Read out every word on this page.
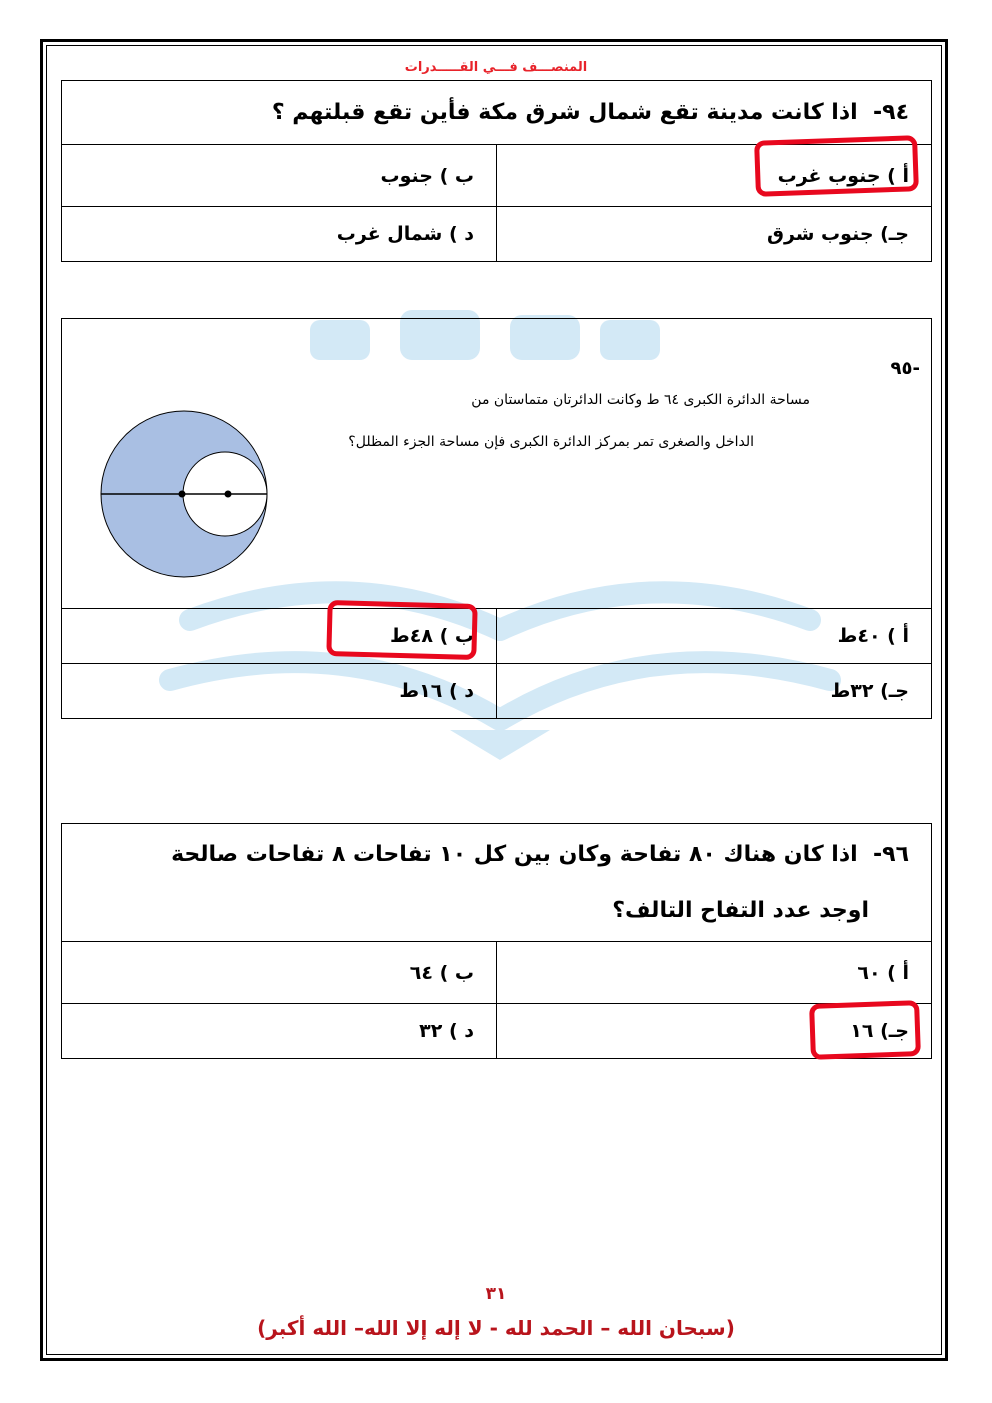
المنصـــف فـــي القـــــدرات
٩٤-  اذا كانت مدينة تقع شمال شرق مكة فأين تقع قبلتهم ؟	
أ ) جنوب غرب	ب ) جنوب
جـ) جنوب شرق	د ) شمال غرب

أ ) ٤٠ط	ب ) ٤٨ط
جـ) ٣٢ط	د ) ١٦ط
-٩٥
مساحة الدائرة الكبرى ٦٤ ط وكانت الدائرتان متماستان من
الداخل والصغرى تمر بمركز الدائرة الكبرى فإن مساحة الجزء المظلل؟
٩٦-  اذا كان هناك ٨٠ تفاحة وكان بين كل ١٠ تفاحات ٨ تفاحات صالحة
اوجد عدد التفاح التالف؟	
أ ) ٦٠	ب ) ٦٤
جـ) ١٦	د ) ٣٢
٣١
(سبحان الله – الحمد لله - لا إله إلا الله– الله أكبر)
